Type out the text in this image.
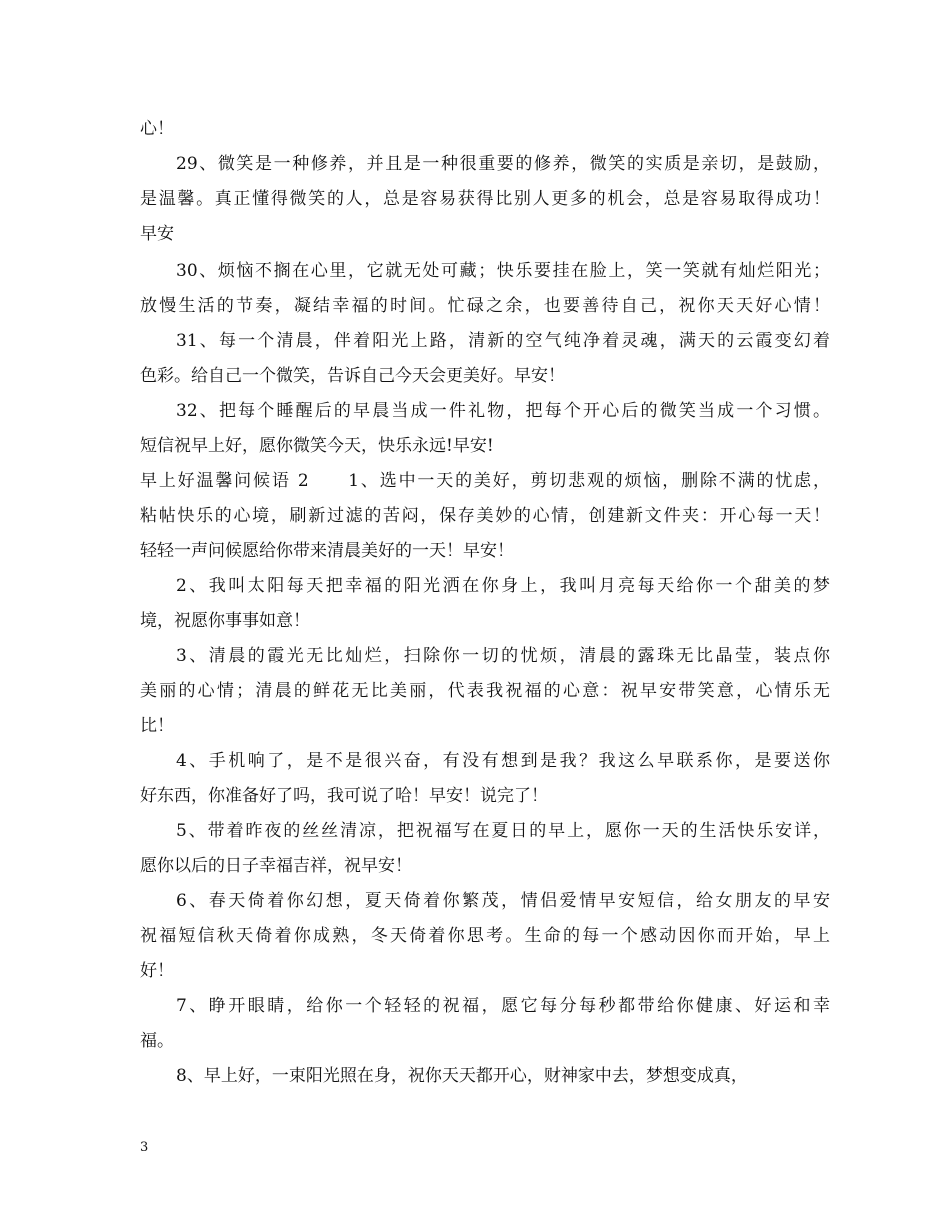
心！
29、微笑是一种修养，并且是一种很重要的修养，微笑的实质是亲切，是鼓励，
是温馨。真正懂得微笑的人，总是容易获得比别人更多的机会，总是容易取得成功！
早安
30、烦恼不搁在心里，它就无处可藏；快乐要挂在脸上，笑一笑就有灿烂阳光；
放慢生活的节奏，凝结幸福的时间。忙碌之余，也要善待自己，祝你天天好心情！
31、每一个清晨，伴着阳光上路，清新的空气纯净着灵魂，满天的云霞变幻着
色彩。给自己一个微笑，告诉自己今天会更美好。早安！
32、把每个睡醒后的早晨当成一件礼物，把每个开心后的微笑当成一个习惯。
短信祝早上好，愿你微笑今天，快乐永远!早安!
早上好温馨问候语 2　　1、选中一天的美好，剪切悲观的烦恼，删除不满的忧虑，
粘帖快乐的心境，刷新过滤的苦闷，保存美妙的心情，创建新文件夹：开心每一天！
轻轻一声问候愿给你带来清晨美好的一天！早安！
2、我叫太阳每天把幸福的阳光洒在你身上，我叫月亮每天给你一个甜美的梦
境，祝愿你事事如意！
3、清晨的霞光无比灿烂，扫除你一切的忧烦，清晨的露珠无比晶莹，装点你
美丽的心情；清晨的鲜花无比美丽，代表我祝福的心意：祝早安带笑意，心情乐无
比！
4、手机响了，是不是很兴奋，有没有想到是我？我这么早联系你，是要送你
好东西，你准备好了吗，我可说了哈！早安！说完了！
5、带着昨夜的丝丝清凉，把祝福写在夏日的早上，愿你一天的生活快乐安详，
愿你以后的日子幸福吉祥，祝早安！
6、春天倚着你幻想，夏天倚着你繁茂，情侣爱情早安短信，给女朋友的早安
祝福短信秋天倚着你成熟，冬天倚着你思考。生命的每一个感动因你而开始，早上
好！
7、睁开眼睛，给你一个轻轻的祝福，愿它每分每秒都带给你健康、好运和幸
福。
8、早上好，一束阳光照在身，祝你天天都开心，财神家中去，梦想变成真，
3
